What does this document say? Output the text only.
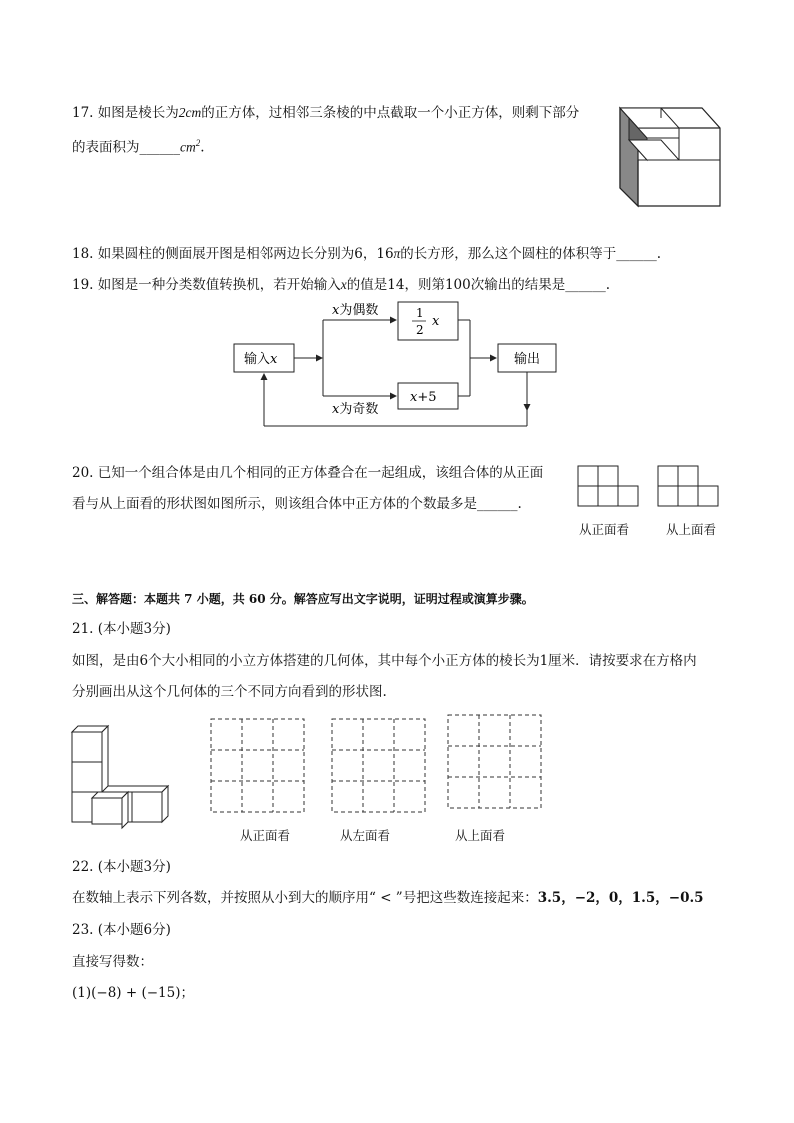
17. 如图是棱长为2cm的正方体，过相邻三条棱的中点截取一个小正方体，则剩下部分
的表面积为$\_\_\_\_\_\_cm^2$.
18. 如果圆柱的侧面展开图是相邻两边长分别为6，16π的长方形，那么这个圆柱的体积等于______.
19. 如图是一种分类数值转换机，若开始输入x的值是14，则第100次输出的结果是______.
输入x
x为偶数	1
2
x
x为奇数
x+5
输出
20. 已知一个组合体是由几个相同的正方体叠合在一起组成，该组合体的从正面
看与从上面看的形状图如图所示，则该组合体中正方体的个数最多是______.
从正面看	从上面看
三、解答题：本题共 7 小题，共 60 分。解答应写出文字说明，证明过程或演算步骤。
21. (本小题3分)
如图，是由6个大小相同的小立方体搭建的几何体，其中每个小正方体的棱长为1厘米．请按要求在方格内
分别画出从这个几何体的三个不同方向看到的形状图.
从正面看	从左面看	从上面看
22. (本小题3分)
在数轴上表示下列各数，并按照从小到大的顺序用“ < ”号把这些数连接起来：3.5，−2，0，1.5，−0.5
23. (本小题6分)
直接写得数：
(1)(−8) + (−15)；
